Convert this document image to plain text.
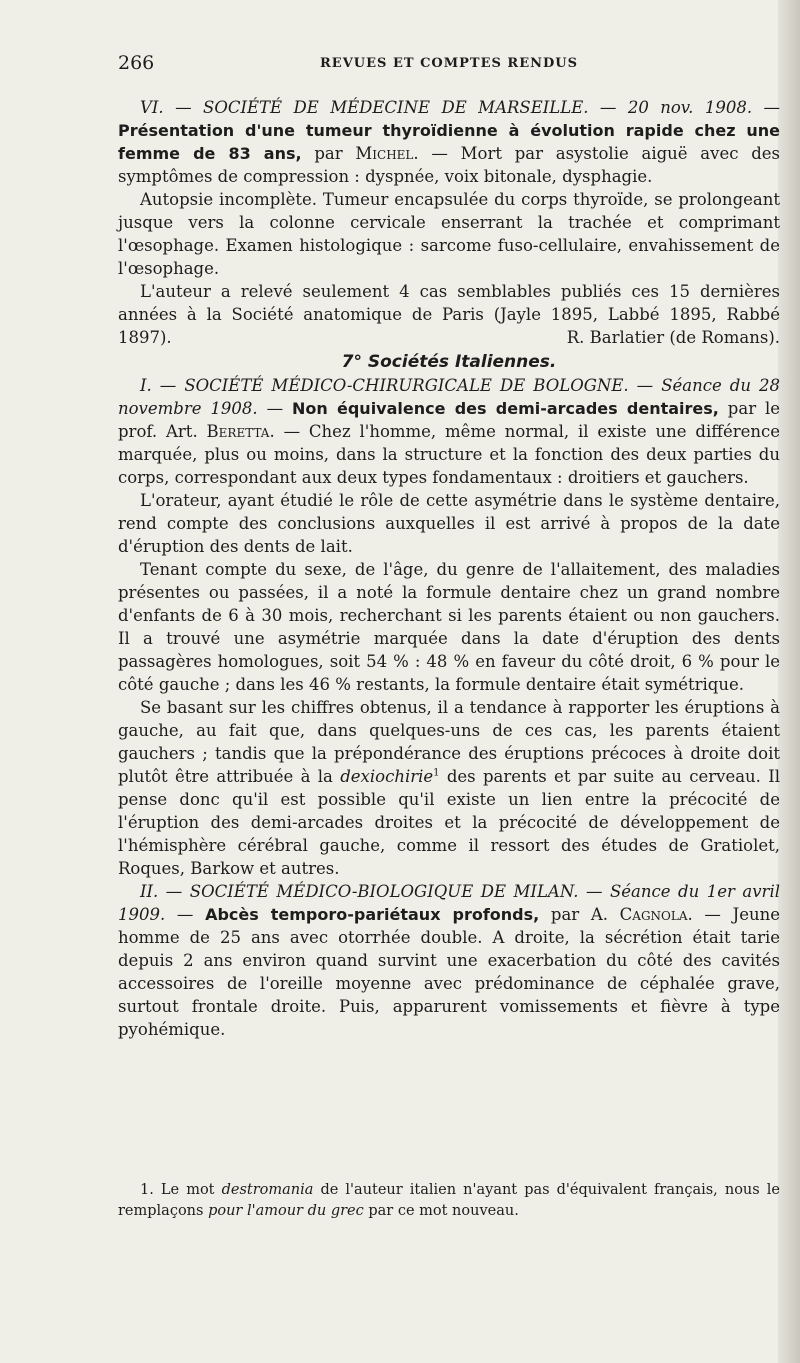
266	REVUES ET COMPTES RENDUS

VI. — SOCIÉTÉ DE MÉDECINE DE MARSEILLE. — 20 nov. 1908. — Présentation d'une tumeur thyroïdienne à évolution rapide chez une femme de 83 ans, par Michel. — Mort par asystolie aiguë avec des symptômes de compression : dyspnée, voix bitonale, dysphagie.

Autopsie incomplète. Tumeur encapsulée du corps thyroïde, se prolongeant jusque vers la colonne cervicale enserrant la trachée et comprimant l'œsophage. Examen histologique : sarcome fuso-cellulaire, envahissement de l'œsophage.

L'auteur a relevé seulement 4 cas semblables publiés ces 15 dernières années à la Société anatomique de Paris (Jayle 1895, Labbé 1895, Rabbé 1897).	R. Barlatier (de Romans).

7° Sociétés Italiennes.

I. — SOCIÉTÉ MÉDICO-CHIRURGICALE DE BOLOGNE. — Séance du 28 novembre 1908. — Non équivalence des demi-arcades dentaires, par le prof. Art. Beretta. — Chez l'homme, même normal, il existe une différence marquée, plus ou moins, dans la structure et la fonction des deux parties du corps, correspondant aux deux types fondamentaux : droitiers et gauchers.

L'orateur, ayant étudié le rôle de cette asymétrie dans le système dentaire, rend compte des conclusions auxquelles il est arrivé à propos de la date d'éruption des dents de lait.

Tenant compte du sexe, de l'âge, du genre de l'allaitement, des maladies présentes ou passées, il a noté la formule dentaire chez un grand nombre d'enfants de 6 à 30 mois, recherchant si les parents étaient ou non gauchers. Il a trouvé une asymétrie marquée dans la date d'éruption des dents passagères homologues, soit 54 % : 48 % en faveur du côté droit, 6 % pour le côté gauche ; dans les 46 % restants, la formule dentaire était symétrique.

Se basant sur les chiffres obtenus, il a tendance à rapporter les éruptions à gauche, au fait que, dans quelques-uns de ces cas, les parents étaient gauchers ; tandis que la prépondérance des éruptions précoces à droite doit plutôt être attribuée à la dexiochirie$^1$ des parents et par suite au cerveau. Il pense donc qu'il est possible qu'il existe un lien entre la précocité de l'éruption des demi-arcades droites et la précocité de développement de l'hémisphère cérébral gauche, comme il ressort des études de Gratiolet, Roques, Barkow et autres.

II. — SOCIÉTÉ MÉDICO-BIOLOGIQUE DE MILAN. — Séance du 1er avril 1909. — Abcès temporo-pariétaux profonds, par A. Cagnola. — Jeune homme de 25 ans avec otorrhée double. A droite, la sécrétion était tarie depuis 2 ans environ quand survint une exacerbation du côté des cavités accessoires de l'oreille moyenne avec prédominance de céphalée grave, surtout frontale droite. Puis, apparurent vomissements et fièvre à type pyohémique.

1. Le mot destromania de l'auteur italien n'ayant pas d'équivalent français, nous le remplaçons pour l'amour du grec par ce mot nouveau.
